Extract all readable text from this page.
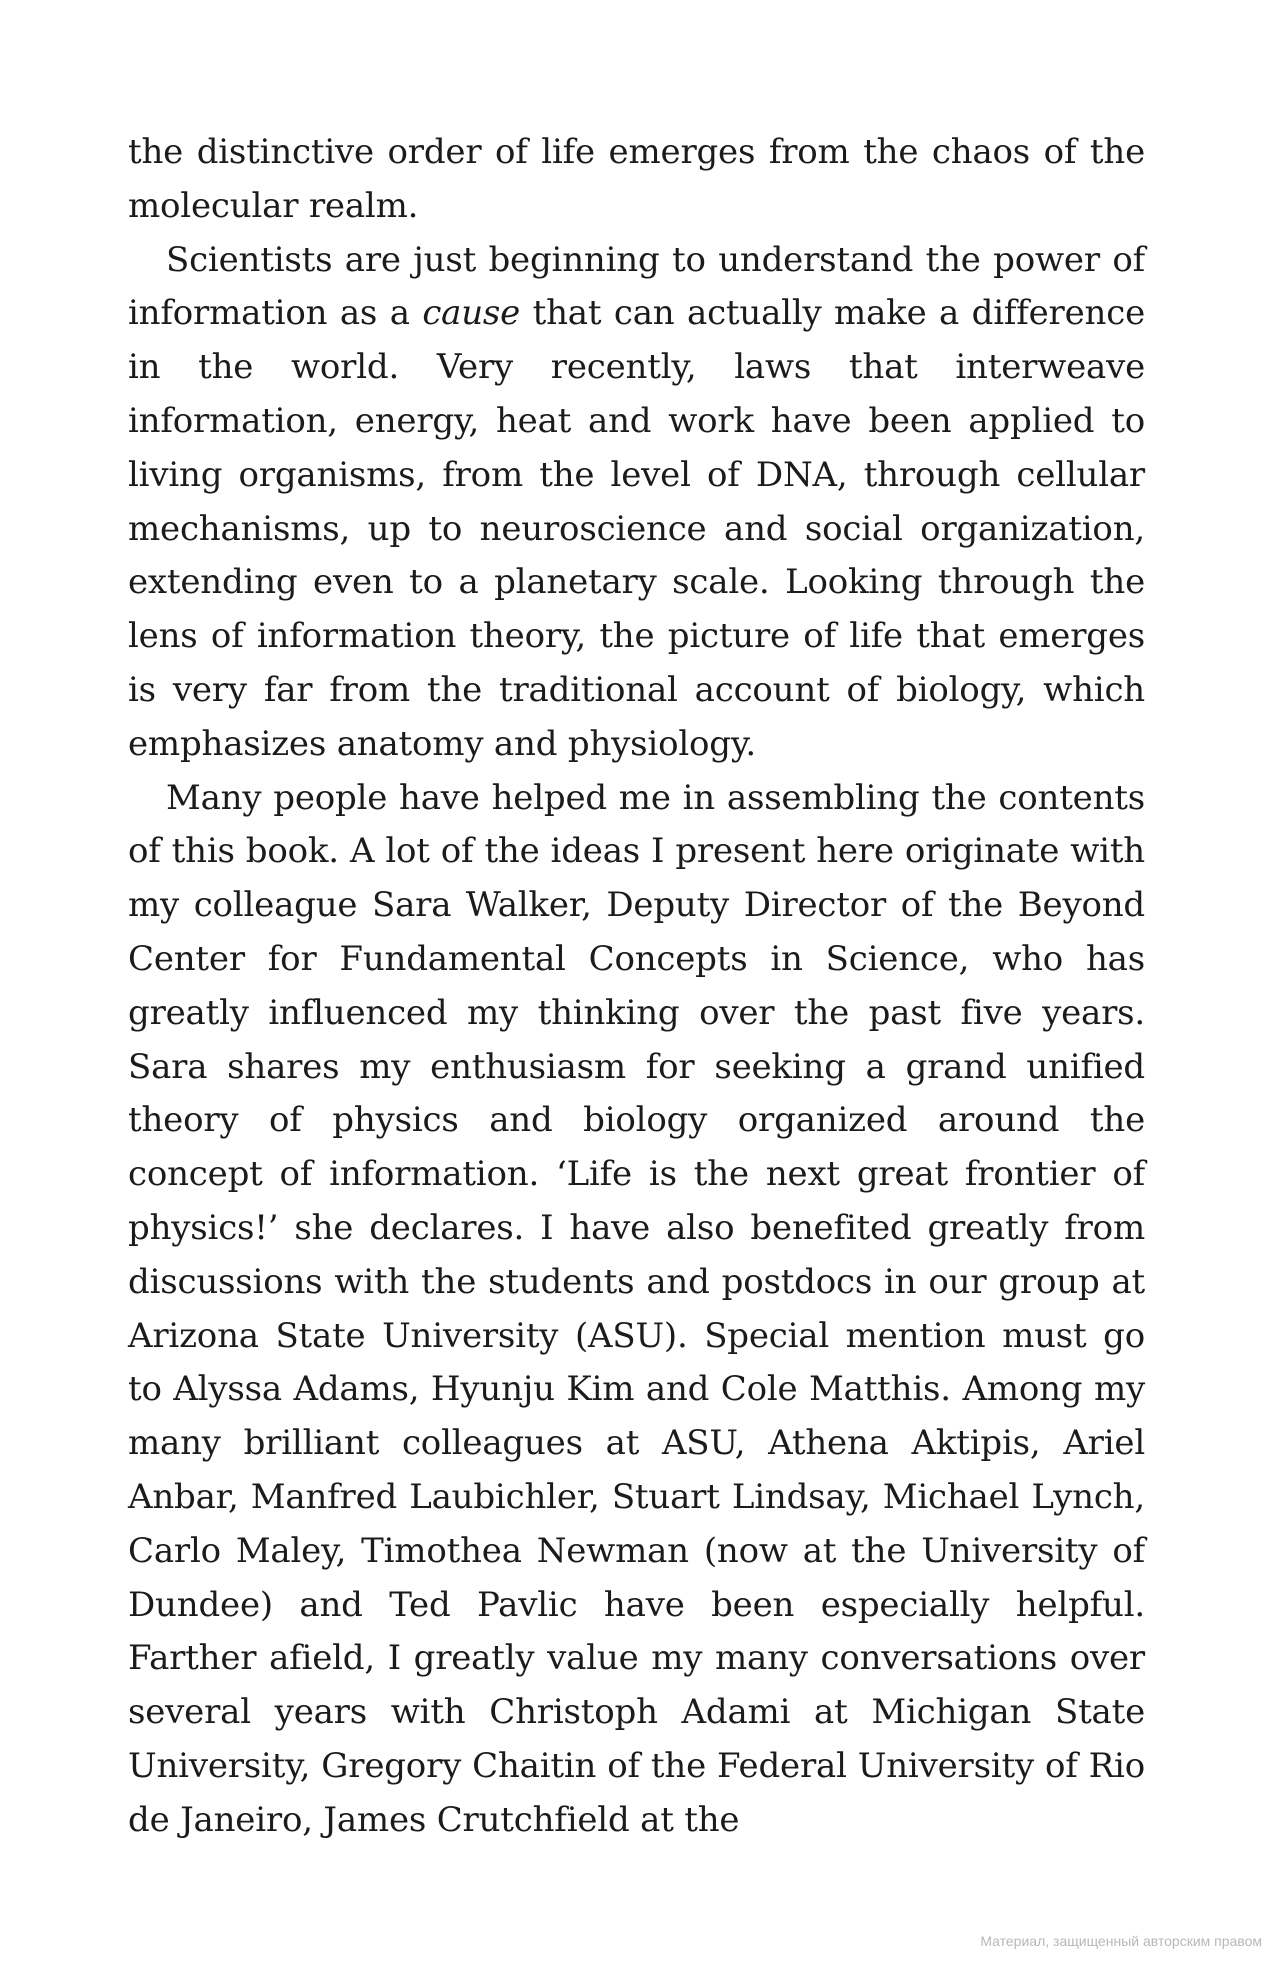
the distinctive order of life emerges from the chaos of the molecular realm.

Scientists are just beginning to understand the power of information as a cause that can actually make a difference in the world. Very recently, laws that interweave information, energy, heat and work have been applied to living organisms, from the level of DNA, through cellular mechanisms, up to neuroscience and social organization, extending even to a planetary scale. Looking through the lens of information theory, the picture of life that emerges is very far from the traditional account of biology, which emphasizes anatomy and physiology.

Many people have helped me in assembling the contents of this book. A lot of the ideas I present here originate with my colleague Sara Walker, Deputy Director of the Beyond Center for Fundamental Concepts in Science, who has greatly influenced my thinking over the past five years. Sara shares my enthusiasm for seeking a grand unified theory of physics and biology organized around the concept of information. ‘Life is the next great frontier of physics!’ she declares. I have also benefited greatly from discussions with the students and postdocs in our group at Arizona State University (ASU). Special mention must go to Alyssa Adams, Hyunju Kim and Cole Matthis. Among my many brilliant colleagues at ASU, Athena Aktipis, Ariel Anbar, Manfred Laubichler, Stuart Lindsay, Michael Lynch, Carlo Maley, Timothea Newman (now at the University of Dundee) and Ted Pavlic have been especially helpful. Farther afield, I greatly value my many conversations over several years with Christoph Adami at Michigan State University, Gregory Chaitin of the Federal University of Rio de Janeiro, James Crutchfield at the

Материал, защищенный авторским правом
